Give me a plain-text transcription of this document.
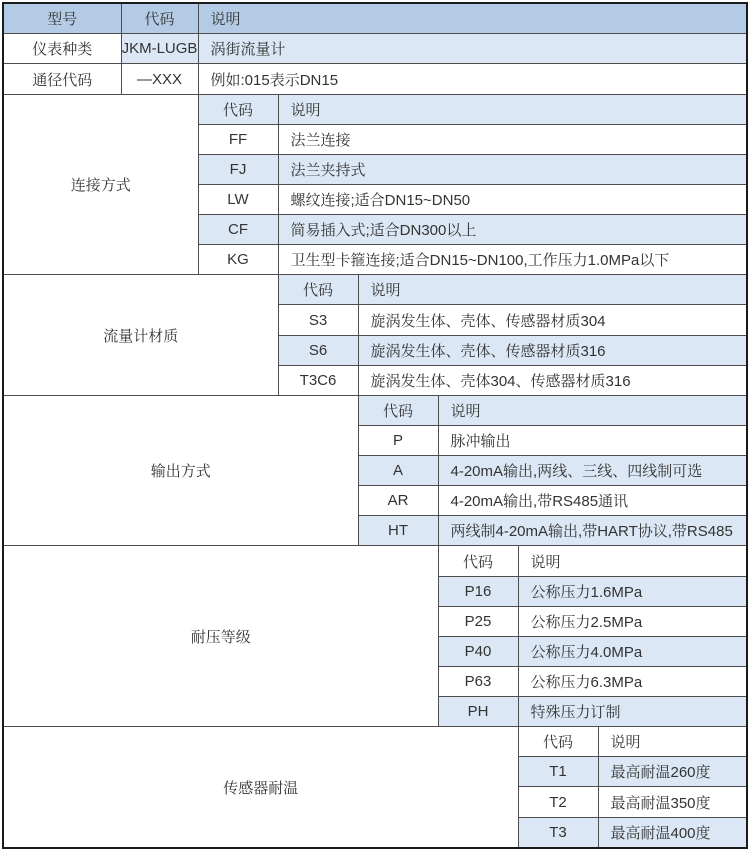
型号	代码	说明					
仪表种类	JKM-LUGB	涡街流量计					
通径代码	—XXX	例如:015表示DN15					
连接方式		代码	说明				
		FF	法兰连接				
		FJ	法兰夹持式				
		LW	螺纹连接;适合DN15~DN50				
		CF	简易插入式;适合DN300以上				
		KG	卫生型卡箍连接;适合DN15~DN100,工作压力1.0MPa以下				
流量计材质			代码	说明			
			S3	旋涡发生体、壳体、传感器材质304			
			S6	旋涡发生体、壳体、传感器材质316			
			T3C6	旋涡发生体、壳体304、传感器材质316			
输出方式				代码	说明		
				P	脉冲输出		
				A	4-20mA输出,两线、三线、四线制可选		
				AR	4-20mA输出,带RS485通讯		
				HT	两线制4-20mA输出,带HART协议,带RS485		
耐压等级					代码	说明	
					P16	公称压力1.6MPa	
					P25	公称压力2.5MPa	
					P40	公称压力4.0MPa	
					P63	公称压力6.3MPa	
					PH	特殊压力订制	
传感器耐温						代码	说明
						T1	最高耐温260度
						T2	最高耐温350度
						T3	最高耐温400度
